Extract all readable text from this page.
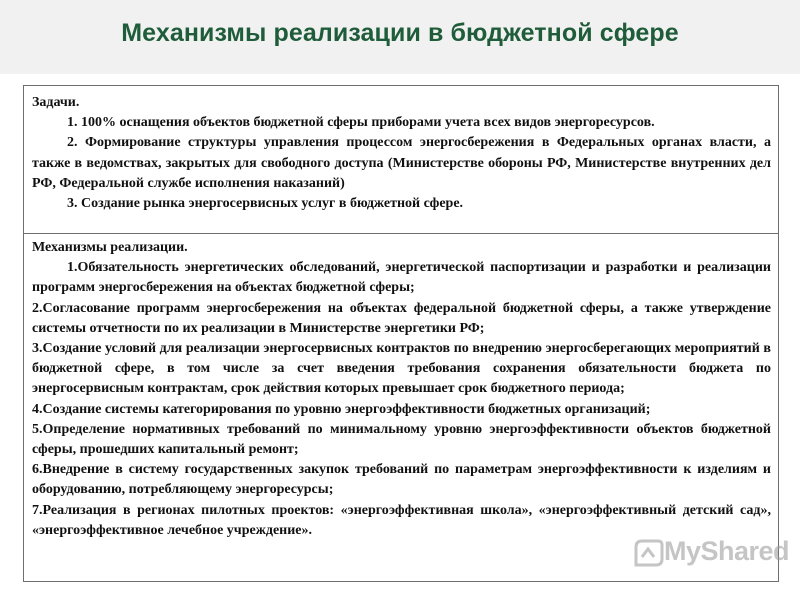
Механизмы реализации в бюджетной сфере
Задачи.
1. 100% оснащения объектов бюджетной сферы приборами учета всех видов энергоресурсов.
2. Формирование структуры управления процессом энергосбережения в Федеральных органах власти, а также в ведомствах, закрытых для свободного доступа (Министерстве обороны РФ, Министерстве внутренних дел РФ, Федеральной службе исполнения наказаний)
3. Создание рынка энергосервисных услуг в бюджетной сфере.
Механизмы реализации.
1.Обязательность энергетических обследований, энергетической паспортизации и разработки и реализации программ энергосбережения на объектах бюджетной сферы;
2.Согласование программ энергосбережения на объектах федеральной бюджетной сферы, а также утверждение системы отчетности по их реализации в Министерстве энергетики РФ;
3.Создание условий для реализации энергосервисных контрактов по внедрению энергосберегающих мероприятий в бюджетной сфере, в том числе за счет введения требования сохранения обязательности бюджета по энергосервисным контрактам, срок действия которых превышает срок бюджетного периода;
4.Создание системы категорирования по уровню энергоэффективности бюджетных организаций;
5.Определение нормативных требований по минимальному уровню энергоэффективности объектов бюджетной сферы, прошедших капитальный ремонт;
6.Внедрение в систему государственных закупок требований по параметрам энергоэффективности к изделиям и оборудованию, потребляющему энергоресурсы;
7.Реализация в регионах пилотных проектов: «энергоэффективная школа», «энергоэффективный детский сад», «энергоэффективное лечебное учреждение».
MyShared
